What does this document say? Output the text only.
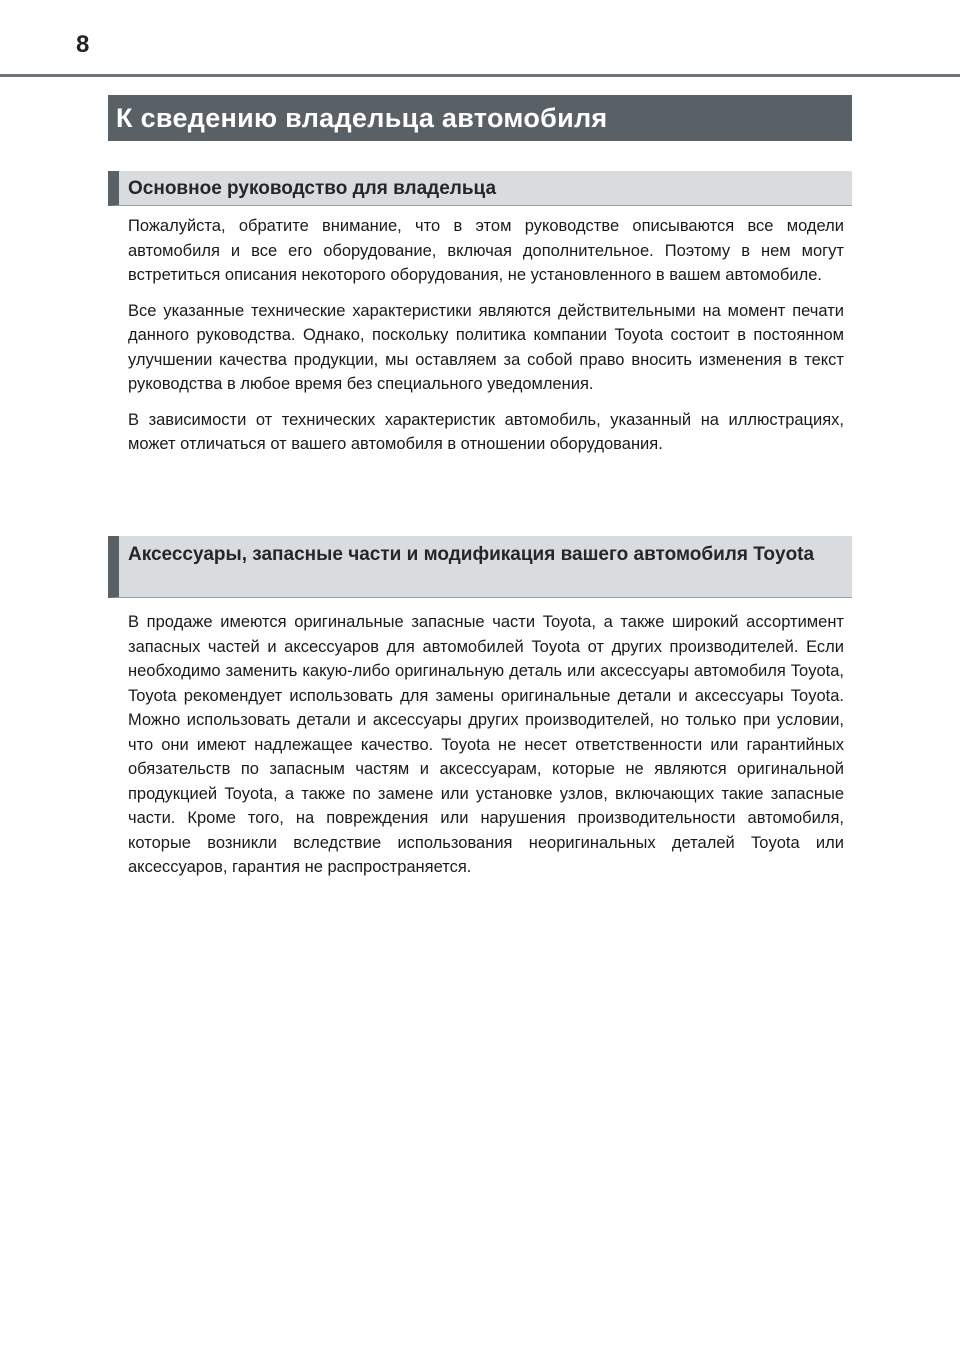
8
К сведению владельца автомобиля
Основное руководство для владельца

Пожалуйста, обратите внимание, что в этом руководстве описываются все модели автомобиля и все его оборудование, включая дополнительное. Поэтому в нем могут встретиться описания некоторого оборудования, не установленного в вашем автомобиле.

Все указанные технические характеристики являются действительными на момент печати данного руководства. Однако, поскольку политика компании Toyota состоит в постоянном улучшении качества продукции, мы оставляем за собой право вносить изменения в текст руководства в любое время без специального уведомления.

В зависимости от технических характеристик автомобиль, указанный на иллюстрациях, может отличаться от вашего автомобиля в отношении оборудования.

Аксессуары, запасные части и модификация вашего автомобиля Toyota

В продаже имеются оригинальные запасные части Toyota, а также широкий ассортимент запасных частей и аксессуаров для автомобилей Toyota от других производителей. Если необходимо заменить какую-либо оригинальную деталь или аксессуары автомобиля Toyota, Toyota рекомендует использовать для замены оригинальные детали и аксессуары Toyota. Можно использовать детали и аксессуары других производителей, но только при условии, что они имеют надлежащее качество. Toyota не несет ответственности или гарантийных обязательств по запасным частям и аксессуарам, которые не являются оригинальной продукцией Toyota, а также по замене или установке узлов, включающих такие запасные части. Кроме того, на повреждения или нарушения производительности автомобиля, которые возникли вследствие использования неоригинальных деталей Toyota или аксессуаров, гарантия не распространяется.
